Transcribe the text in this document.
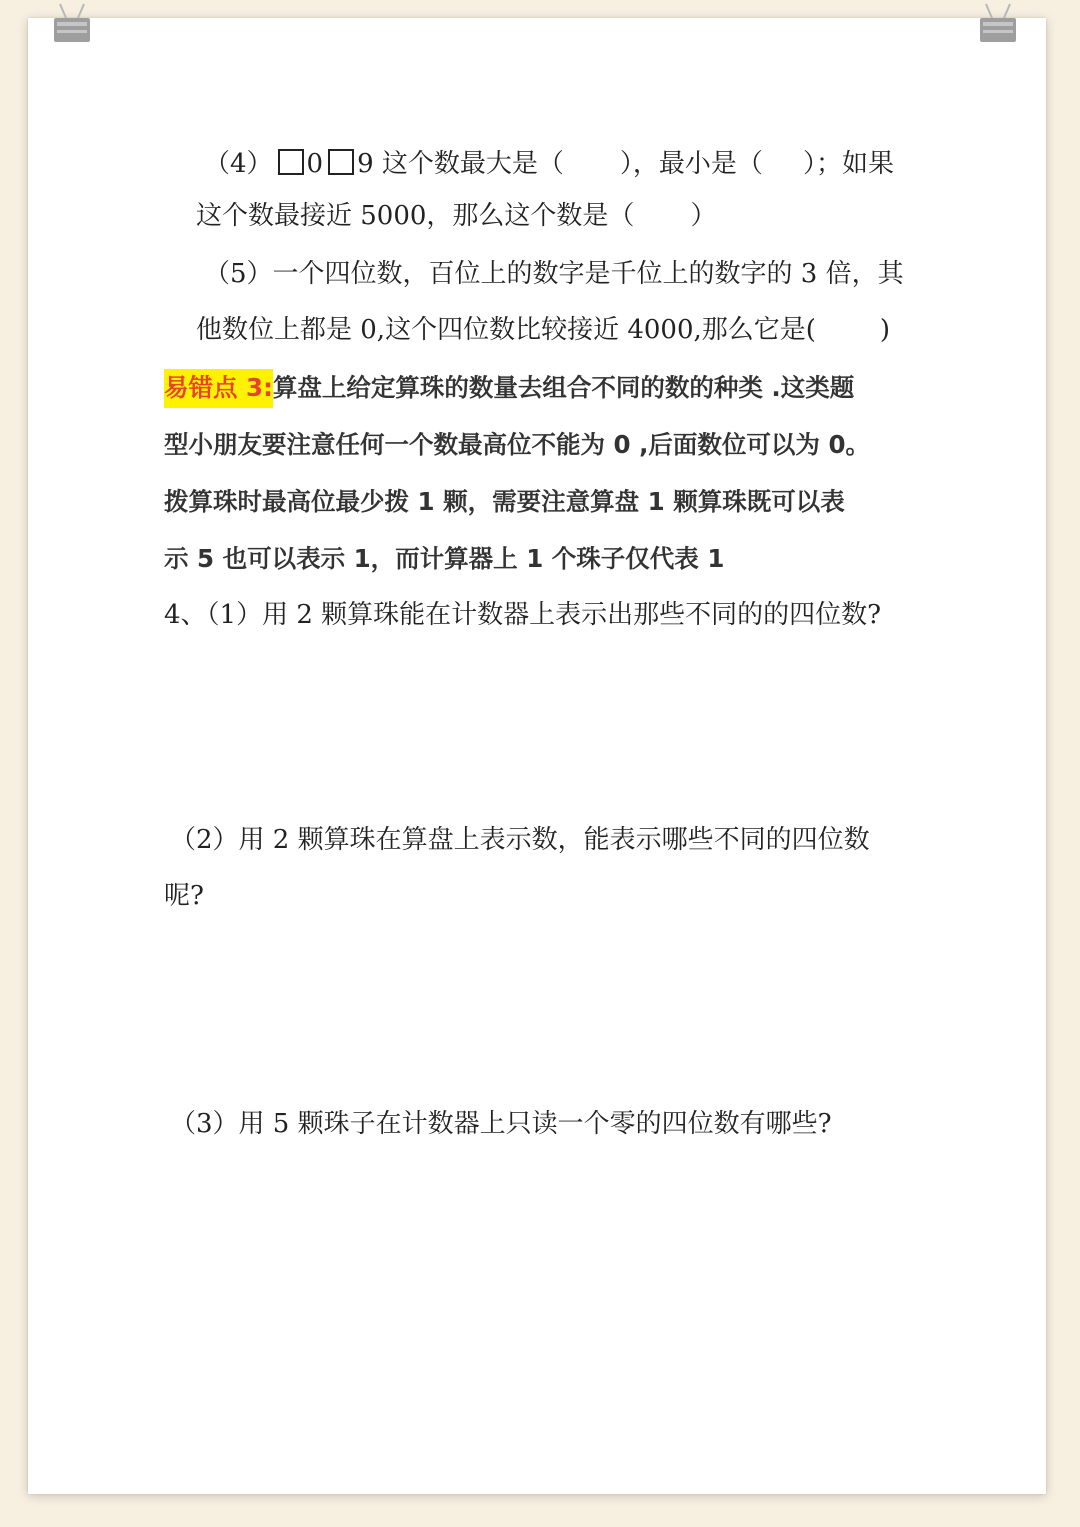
（4） 0 9 这个数最大是（ ），最小是（ ）；如果
这个数最接近 5000，那么这个数是（ ）
（5）一个四位数，百位上的数字是千位上的数字的 3 倍，其
他数位上都是 0,这个四位数比较接近 4000,那么它是( )
易错点 3:算盘上给定算珠的数量去组合不同的数的种类 .这类题
型小朋友要注意任何一个数最高位不能为 0 ,后面数位可以为 0。
拨算珠时最高位最少拨 1 颗，需要注意算盘 1 颗算珠既可以表
示 5 也可以表示 1，而计算器上 1 个珠子仅代表 1
4、（1）用 2 颗算珠能在计数器上表示出那些不同的的四位数?
（2）用 2 颗算珠在算盘上表示数，能表示哪些不同的四位数
呢?
（3）用 5 颗珠子在计数器上只读一个零的四位数有哪些?
